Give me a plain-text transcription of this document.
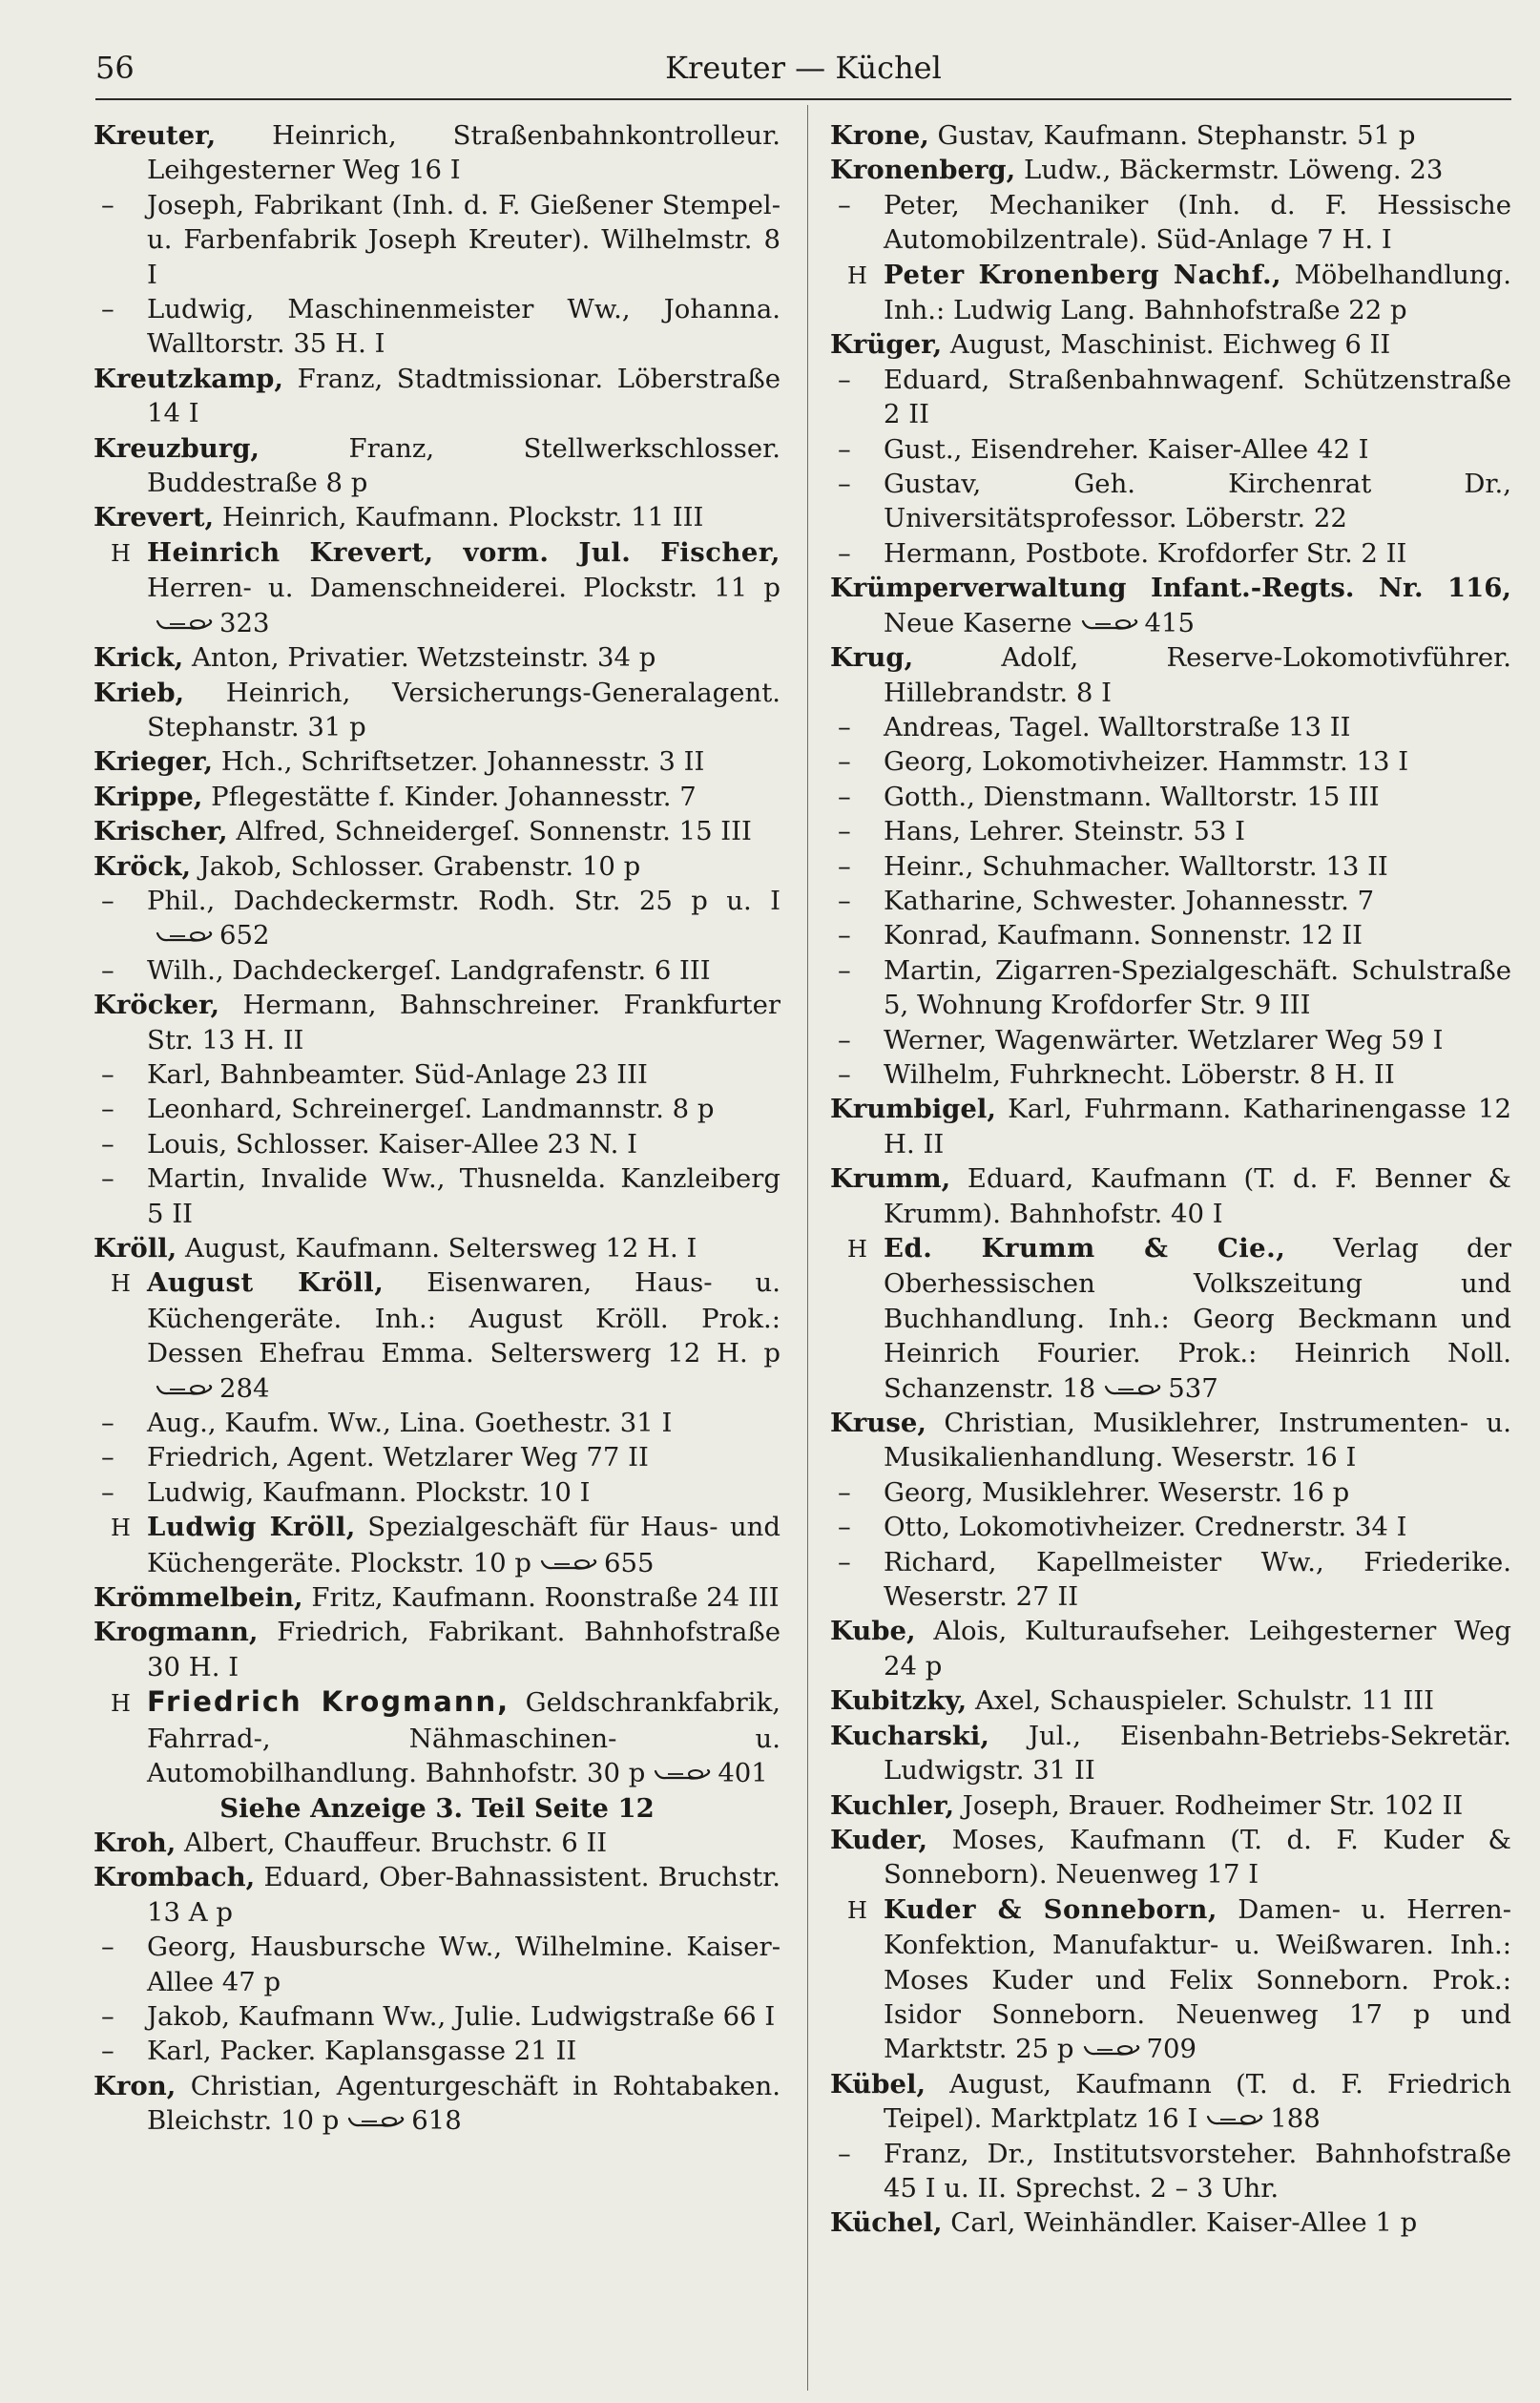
56	Kreuter — Küchel

Kreuter, Heinrich, Straßenbahnkontrolleur. Leihgesterner Weg 16 I

– Joseph, Fabrikant (Inh. d. F. Gießener Stempel- u. Farbenfabrik Joseph Kreuter). Wilhelmstr. 8 I

– Ludwig, Maschinenmeister Ww., Johanna. Walltorstr. 35 H. I

Kreutzkamp, Franz, Stadtmissionar. Löberstraße 14 I

Kreuzburg, Franz, Stellwerkschlosser. Buddestraße 8 p

Krevert, Heinrich, Kaufmann. Plockstr. 11 III

H Heinrich Krevert, vorm. Jul. Fischer, Herren- u. Damenschneiderei. Plockstr. 11 p323

Krick, Anton, Privatier. Wetzsteinstr. 34 p

Krieb, Heinrich, Versicherungs-Generalagent. Stephanstr. 31 p

Krieger, Hch., Schriftsetzer. Johannesstr. 3 II

Krippe, Pflegestätte f. Kinder. Johannesstr. 7

Krischer, Alfred, Schneidergeſ. Sonnenstr. 15 III

Kröck, Jakob, Schlosser. Grabenstr. 10 p

– Phil., Dachdeckermstr. Rodh. Str. 25 p u. I652

– Wilh., Dachdeckergeſ. Landgrafenstr. 6 III

Kröcker, Hermann, Bahnschreiner. Frankfurter Str. 13 H. II

– Karl, Bahnbeamter. Süd-Anlage 23 III

– Leonhard, Schreinergeſ. Landmannstr. 8 p

– Louis, Schlosser. Kaiser-Allee 23 N. I

– Martin, Invalide Ww., Thusnelda. Kanzleiberg 5 II

Kröll, August, Kaufmann. Seltersweg 12 H. I

H August Kröll, Eisenwaren, Haus- u. Küchengeräte. Inh.: August Kröll. Prok.: Dessen Ehefrau Emma. Selterswerg 12 H. p284

– Aug., Kaufm. Ww., Lina. Goethestr. 31 I

– Friedrich, Agent. Wetzlarer Weg 77 II

– Ludwig, Kaufmann. Plockstr. 10 I

H Ludwig Kröll, Spezialgeschäft für Haus- und Küchengeräte. Plockstr. 10 p	655

Krömmelbein, Fritz, Kaufmann. Roonstraße 24 III

Krogmann, Friedrich, Fabrikant. Bahnhofstraße 30 H. I

H Friedrich Krogmann, Geldschrankfabrik, Fahrrad-, Nähmaschinen- u. Automobilhandlung. Bahnhofstr. 30 p	401

Siehe Anzeige 3. Teil Seite 12

Kroh, Albert, Chauffeur. Bruchstr. 6 II

Krombach, Eduard, Ober-Bahnassistent. Bruchstr. 13 A p

– Georg, Hausbursche Ww., Wilhelmine. Kaiser-Allee 47 p

– Jakob, Kaufmann Ww., Julie. Ludwigstraße 66 I

– Karl, Packer. Kaplansgasse 21 II

Kron, Christian, Agenturgeschäft in Rohtabaken. Bleichstr. 10 p	618

Krone, Gustav, Kaufmann. Stephanstr. 51 p

Kronenberg, Ludw., Bäckermstr. Löweng. 23

– Peter, Mechaniker (Inh. d. F. Hessische Automobilzentrale). Süd-Anlage 7 H. I

H Peter Kronenberg Nachf., Möbelhandlung. Inh.: Ludwig Lang. Bahnhofstraße 22 p

Krüger, August, Maschinist. Eichweg 6 II

– Eduard, Straßenbahnwagenf. Schützenstraße 2 II

– Gust., Eisendreher. Kaiser-Allee 42 I

– Gustav, Geh. Kirchenrat Dr., Universitätsprofessor. Löberstr. 22

– Hermann, Postbote. Krofdorfer Str. 2 II

Krümperverwaltung Infant.-Regts. Nr. 116, Neue Kaserne	415

Krug, Adolf, Reserve-Lokomotivführer. Hillebrandstr. 8 I

– Andreas, Tagel. Walltorstraße 13 II

– Georg, Lokomotivheizer. Hammstr. 13 I

– Gotth., Dienstmann. Walltorstr. 15 III

– Hans, Lehrer. Steinstr. 53 I

– Heinr., Schuhmacher. Walltorstr. 13 II

– Katharine, Schwester. Johannesstr. 7

– Konrad, Kaufmann. Sonnenstr. 12 II

– Martin, Zigarren-Spezialgeschäft. Schulstraße 5, Wohnung Krofdorfer Str. 9 III

– Werner, Wagenwärter. Wetzlarer Weg 59 I

– Wilhelm, Fuhrknecht. Löberstr. 8 H. II

Krumbigel, Karl, Fuhrmann. Katharinengasse 12 H. II

Krumm, Eduard, Kaufmann (T. d. F. Benner & Krumm). Bahnhofstr. 40 I

H Ed. Krumm & Cie., Verlag der Oberhessischen Volkszeitung und Buchhandlung. Inh.: Georg Beckmann und Heinrich Fourier. Prok.: Heinrich Noll. Schanzenstr. 18	537

Kruse, Christian, Musiklehrer, Instrumenten- u. Musikalienhandlung. Weserstr. 16 I

– Georg, Musiklehrer. Weserstr. 16 p

– Otto, Lokomotivheizer. Crednerstr. 34 I

– Richard, Kapellmeister Ww., Friederike. Weserstr. 27 II

Kube, Alois, Kulturaufseher. Leihgesterner Weg 24 p

Kubitzky, Axel, Schauspieler. Schulstr. 11 III

Kucharski, Jul., Eisenbahn-Betriebs-Sekretär. Ludwigstr. 31 II

Kuchler, Joseph, Brauer. Rodheimer Str. 102 II

Kuder, Moses, Kaufmann (T. d. F. Kuder & Sonneborn). Neuenweg 17 I

H Kuder & Sonneborn, Damen- u. Herren-Konfektion, Manufaktur- u. Weißwaren. Inh.: Moses Kuder und Felix Sonneborn. Prok.: Isidor Sonneborn. Neuenweg 17 p und Marktstr. 25 p	709

Kübel, August, Kaufmann (T. d. F. Friedrich Teipel). Marktplatz 16 I	188

– Franz, Dr., Institutsvorsteher. Bahnhofstraße 45 I u. II. Sprechst. 2 – 3 Uhr.

Küchel, Carl, Weinhändler. Kaiser-Allee 1 p
